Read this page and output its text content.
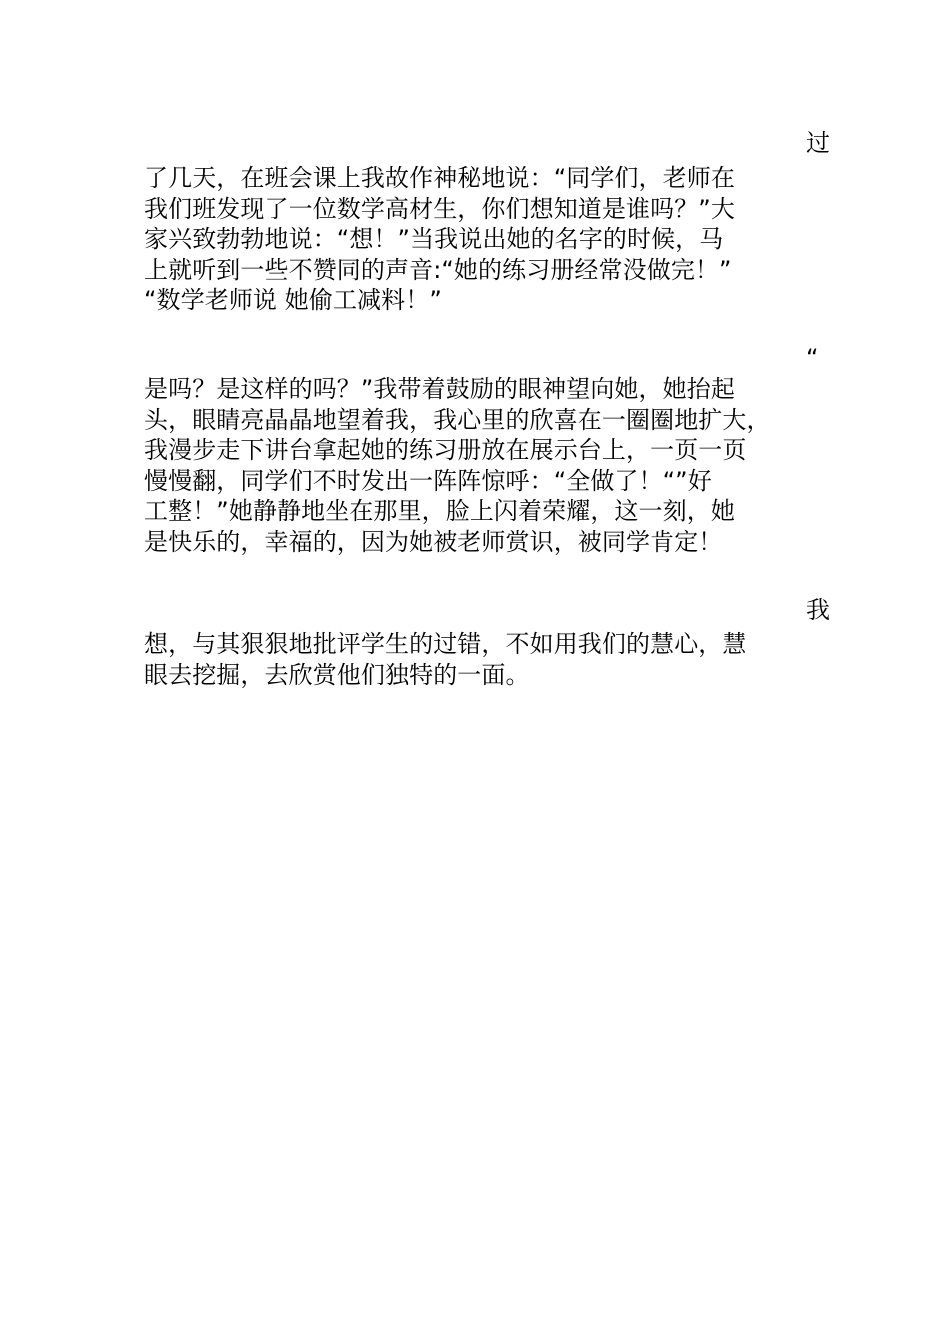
过
了几天，在班会课上我故作神秘地说：“同学们，老师在
我们班发现了一位数学高材生，你们想知道是谁吗？”大
家兴致勃勃地说：“想！”当我说出她的名字的时候，马
上就听到一些不赞同的声音:“她的练习册经常没做完！”
“数学老师说 她偷工减料！”
“
是吗？是这样的吗？”我带着鼓励的眼神望向她，她抬起
头，眼睛亮晶晶地望着我，我心里的欣喜在一圈圈地扩大，
我漫步走下讲台拿起她的练习册放在展示台上，一页一页
慢慢翻，同学们不时发出一阵阵惊呼：“全做了！“”好
工整！”她静静地坐在那里，脸上闪着荣耀，这一刻，她
是快乐的，幸福的，因为她被老师赏识，被同学肯定！
我
想，与其狠狠地批评学生的过错，不如用我们的慧心，慧
眼去挖掘，去欣赏他们独特的一面。
